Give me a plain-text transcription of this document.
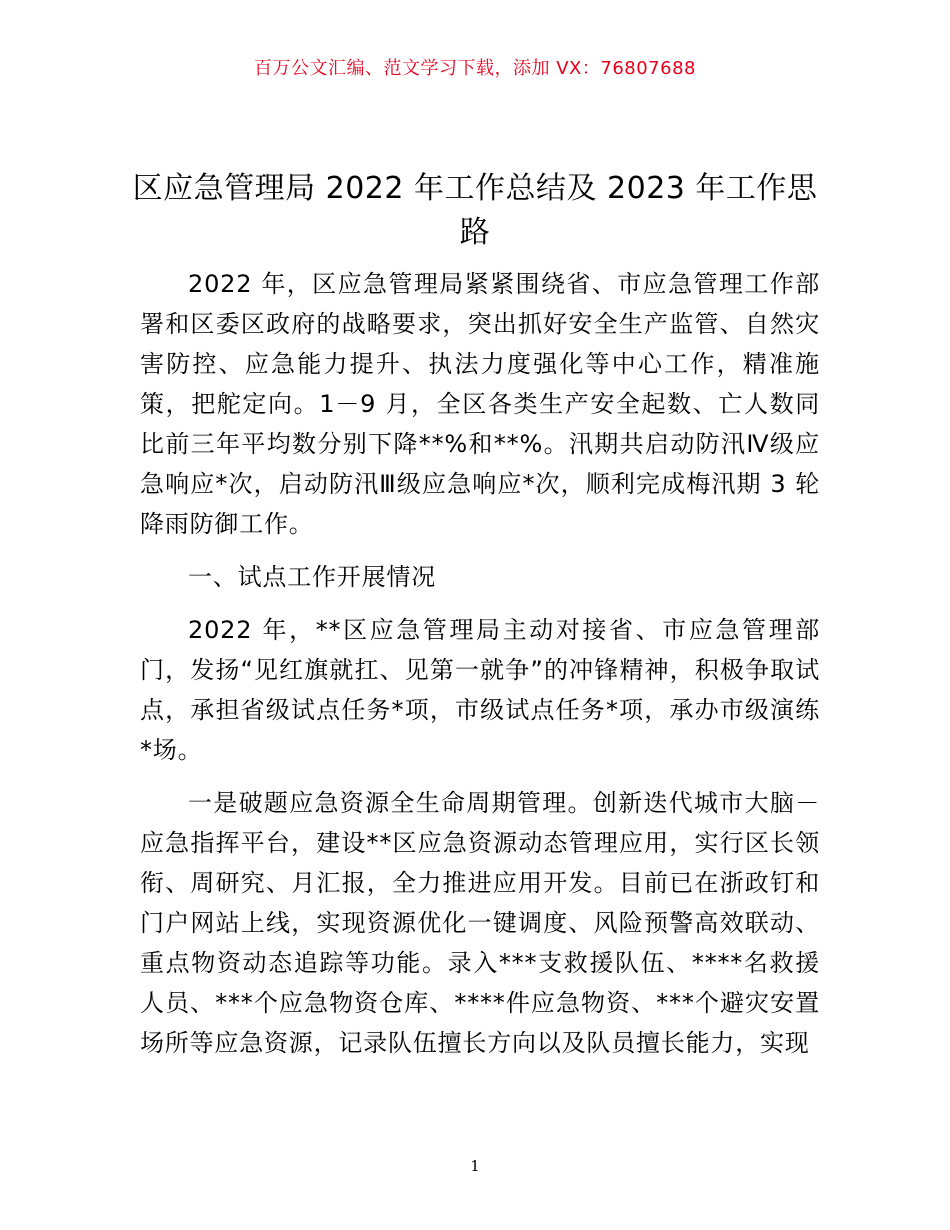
百万公文汇编、范文学习下载，添加 VX：76807688
区应急管理局 2022 年工作总结及 2023 年工作思路

2022 年，区应急管理局紧紧围绕省、市应急管理工作部署和区委区政府的战略要求，突出抓好安全生产监管、自然灾害防控、应急能力提升、执法力度强化等中心工作，精准施策，把舵定向。1－9 月，全区各类生产安全起数、亡人数同比前三年平均数分别下降**%和**%。汛期共启动防汛Ⅳ级应急响应*次，启动防汛Ⅲ级应急响应*次，顺利完成梅汛期 3 轮降雨防御工作。

一、试点工作开展情况

2022 年，**区应急管理局主动对接省、市应急管理部门，发扬“见红旗就扛、见第一就争”的冲锋精神，积极争取试点，承担省级试点任务*项，市级试点任务*项，承办市级演练*场。

一是破题应急资源全生命周期管理。创新迭代城市大脑－应急指挥平台，建设**区应急资源动态管理应用，实行区长领衔、周研究、月汇报，全力推进应用开发。目前已在浙政钉和门户网站上线，实现资源优化一键调度、风险预警高效联动、重点物资动态追踪等功能。录入***支救援队伍、****名救援人员、***个应急物资仓库、****件应急物资、***个避灾安置场所等应急资源，记录队伍擅长方向以及队员擅长能力，实现

1
